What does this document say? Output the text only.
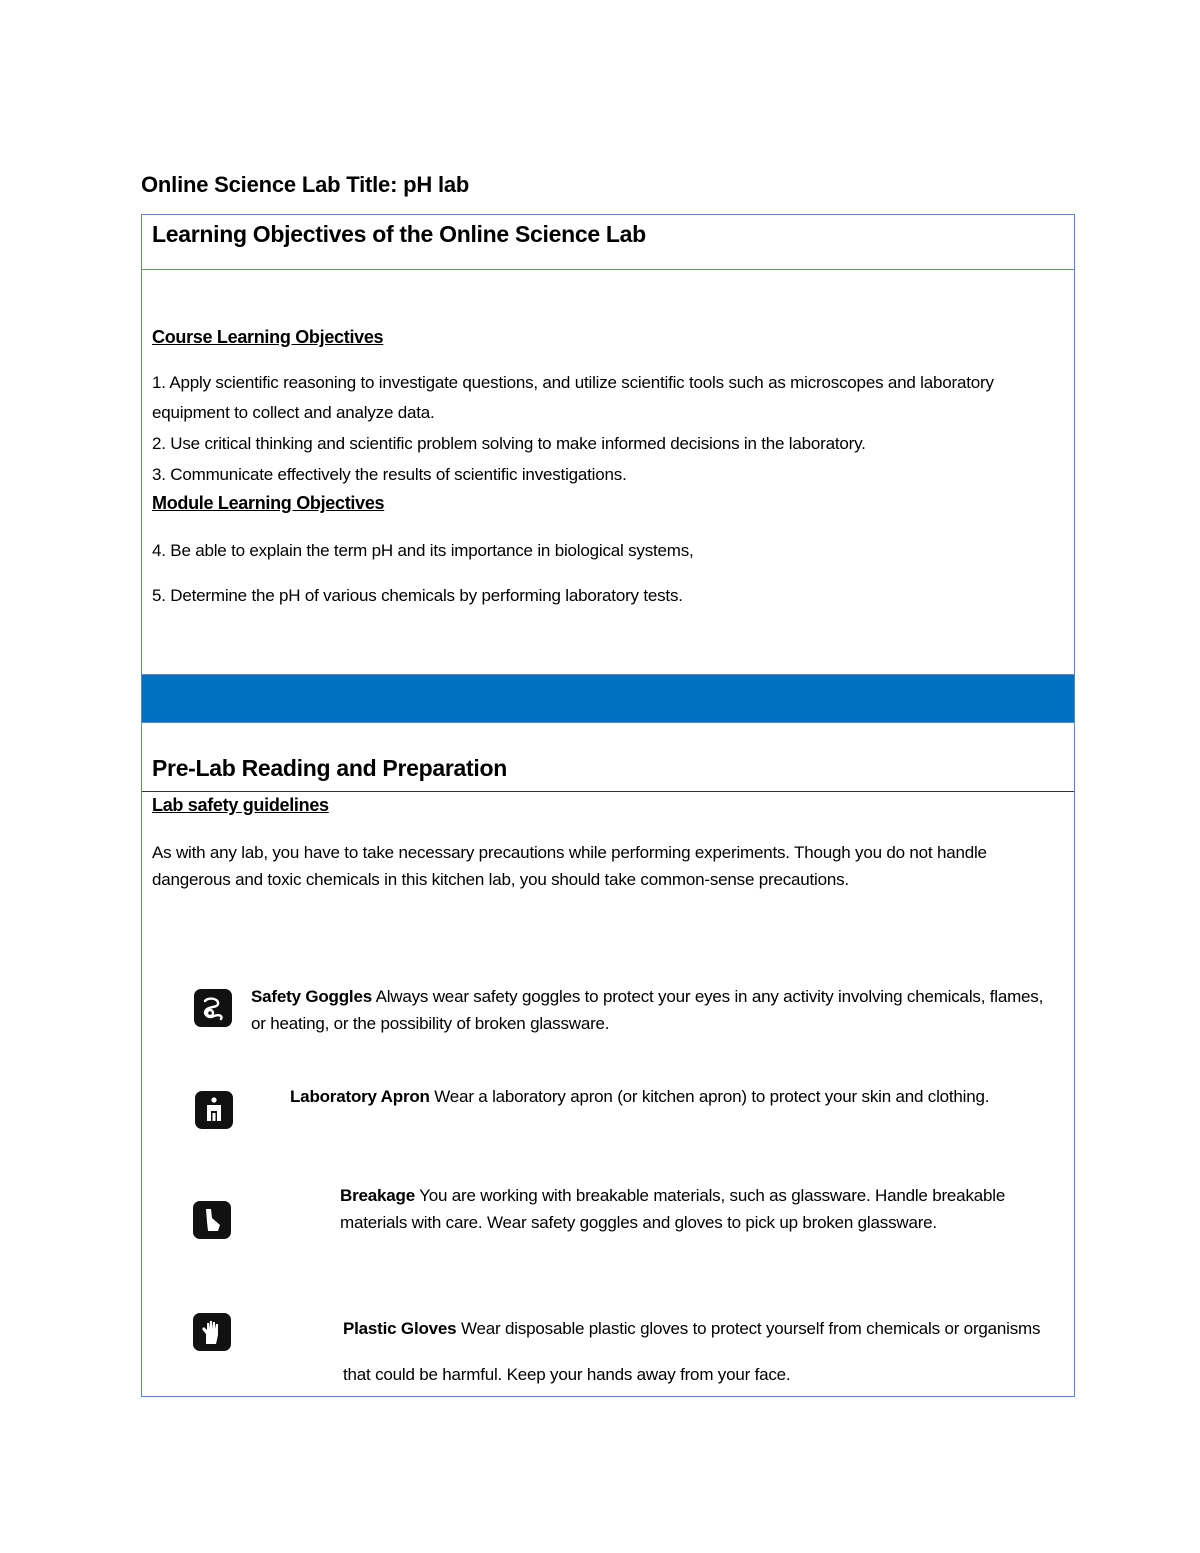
Online Science Lab Title: pH lab
Learning Objectives of the Online Science Lab
Course Learning Objectives
1. Apply scientific reasoning to investigate questions, and utilize scientific tools such as microscopes and laboratory equipment to collect and analyze data.
2. Use critical thinking and scientific problem solving to make informed decisions in the laboratory.
3. Communicate effectively the results of scientific investigations.
Module Learning Objectives
4. Be able to explain the term pH and its importance in biological systems,
5. Determine the pH of various chemicals by performing laboratory tests.
Pre-Lab Reading and Preparation
Lab safety guidelines
As with any lab, you have to take necessary precautions while performing experiments. Though you do not handle dangerous and toxic chemicals in this kitchen lab, you should take common-sense precautions.
Safety Goggles Always wear safety goggles to protect your eyes in any activity involving chemicals, flames, or heating, or the possibility of broken glassware.
Laboratory Apron Wear a laboratory apron (or kitchen apron) to protect your skin and clothing.
Breakage You are working with breakable materials, such as glassware. Handle breakable materials with care. Wear safety goggles and gloves to pick up broken glassware.
Plastic Gloves Wear disposable plastic gloves to protect yourself from chemicals or organisms that could be harmful. Keep your hands away from your face.
